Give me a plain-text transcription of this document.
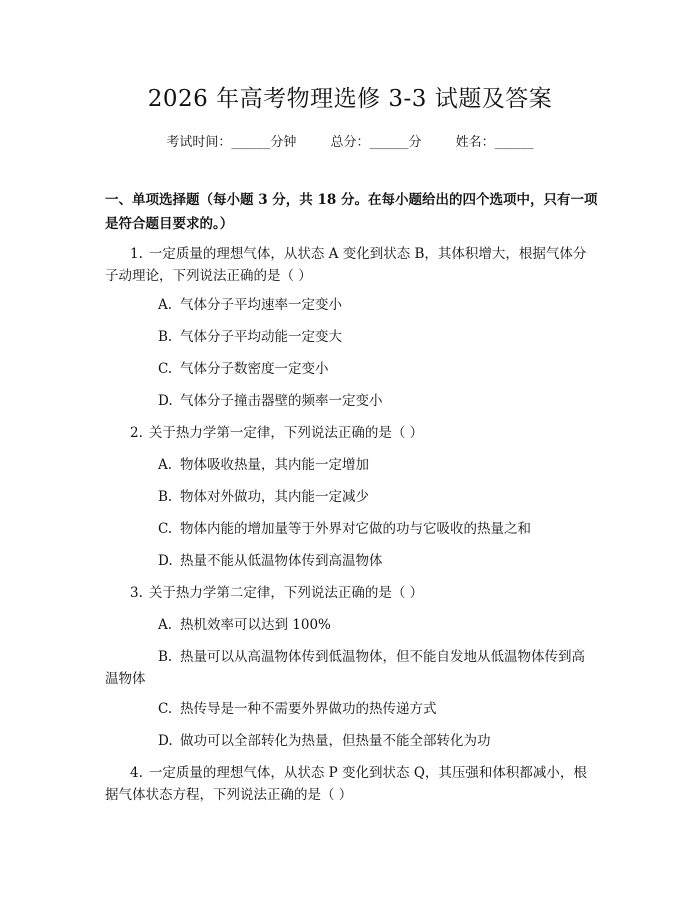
2026 年高考物理选修 3-3 试题及答案
考试时间：______分钟	总分：______分	姓名：______
一、单项选择题（每小题 3 分，共 18 分。在每小题给出的四个选项中，只有一项是符合题目要求的。）
1. 一定质量的理想气体，从状态 A 变化到状态 B，其体积增大，根据气体分
子动理论，下列说法正确的是（ ）
A. 气体分子平均速率一定变小
B. 气体分子平均动能一定变大
C. 气体分子数密度一定变小
D. 气体分子撞击器壁的频率一定变小
2. 关于热力学第一定律，下列说法正确的是（ ）
A. 物体吸收热量，其内能一定增加
B. 物体对外做功，其内能一定减少
C. 物体内能的增加量等于外界对它做的功与它吸收的热量之和
D. 热量不能从低温物体传到高温物体
3. 关于热力学第二定律，下列说法正确的是（ ）
A. 热机效率可以达到 100%
B. 热量可以从高温物体传到低温物体，但不能自发地从低温物体传到高
温物体
C. 热传导是一种不需要外界做功的热传递方式
D. 做功可以全部转化为热量，但热量不能全部转化为功
4. 一定质量的理想气体，从状态 P 变化到状态 Q，其压强和体积都减小，根
据气体状态方程，下列说法正确的是（ ）
